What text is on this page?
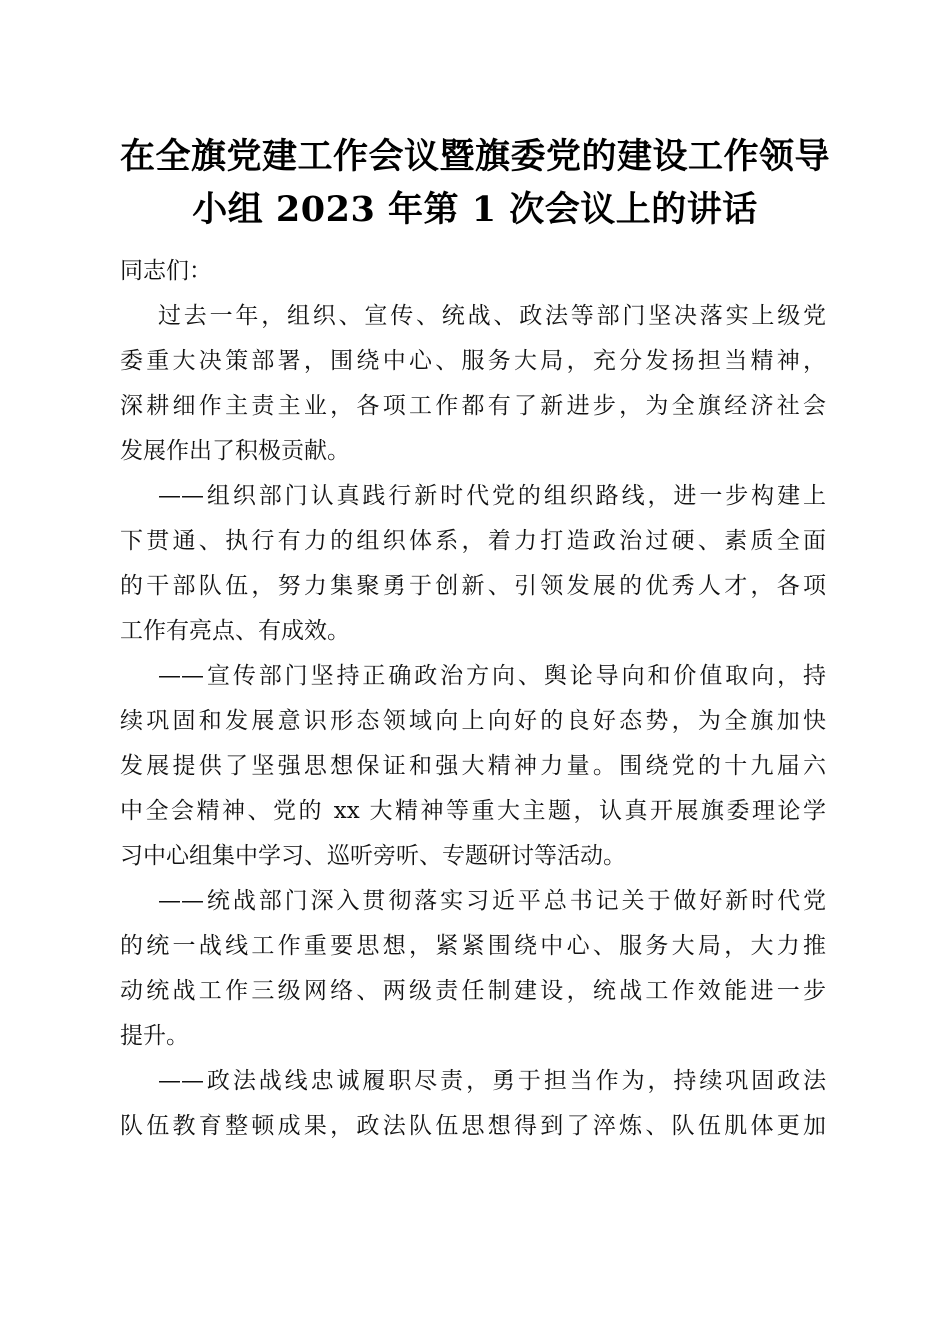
在全旗党建工作会议暨旗委党的建设工作领导
小组 2023 年第 1 次会议上的讲话
同志们：
过去一年，组织、宣传、统战、政法等部门坚决落实上级党
委重大决策部署，围绕中心、服务大局，充分发扬担当精神，
深耕细作主责主业，各项工作都有了新进步，为全旗经济社会
发展作出了积极贡献。
——组织部门认真践行新时代党的组织路线，进一步构建上
下贯通、执行有力的组织体系，着力打造政治过硬、素质全面
的干部队伍，努力集聚勇于创新、引领发展的优秀人才，各项
工作有亮点、有成效。
——宣传部门坚持正确政治方向、舆论导向和价值取向，持
续巩固和发展意识形态领域向上向好的良好态势，为全旗加快
发展提供了坚强思想保证和强大精神力量。围绕党的十九届六
中全会精神、党的 xx 大精神等重大主题，认真开展旗委理论学
习中心组集中学习、巡听旁听、专题研讨等活动。
——统战部门深入贯彻落实习近平总书记关于做好新时代党
的统一战线工作重要思想，紧紧围绕中心、服务大局，大力推
动统战工作三级网络、两级责任制建设，统战工作效能进一步
提升。
——政法战线忠诚履职尽责，勇于担当作为，持续巩固政法
队伍教育整顿成果，政法队伍思想得到了淬炼、队伍肌体更加
